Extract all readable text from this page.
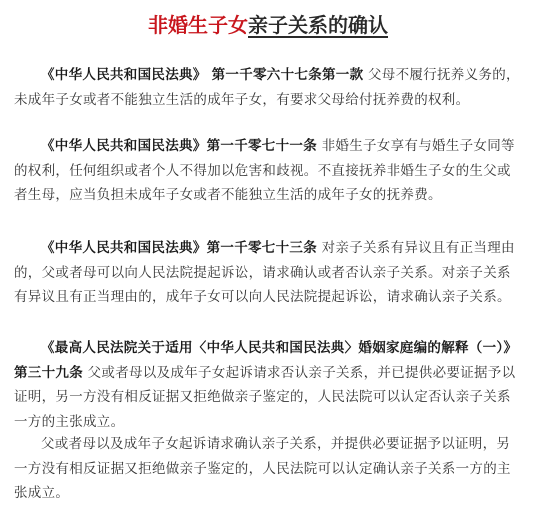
非婚生子女亲子关系的确认

《中华人民共和国民法典》 第一千零六十七条第一款 父母不履行抚养义务的，未成年子女或者不能独立生活的成年子女，有要求父母给付抚养费的权利。

《中华人民共和国民法典》第一千零七十一条 非婚生子女享有与婚生子女同等的权利，任何组织或者个人不得加以危害和歧视。不直接抚养非婚生子女的生父或者生母，应当负担未成年子女或者不能独立生活的成年子女的抚养费。

《中华人民共和国民法典》第一千零七十三条 对亲子关系有异议且有正当理由的，父或者母可以向人民法院提起诉讼，请求确认或者否认亲子关系。对亲子关系有异议且有正当理由的，成年子女可以向人民法院提起诉讼，请求确认亲子关系。

《最高人民法院关于适用〈中华人民共和国民法典〉婚姻家庭编的解释（一）》第三十九条 父或者母以及成年子女起诉请求否认亲子关系，并已提供必要证据予以证明，另一方没有相反证据又拒绝做亲子鉴定的，人民法院可以认定否认亲子关系一方的主张成立。

父或者母以及成年子女起诉请求确认亲子关系，并提供必要证据予以证明，另一方没有相反证据又拒绝做亲子鉴定的，人民法院可以认定确认亲子关系一方的主张成立。
